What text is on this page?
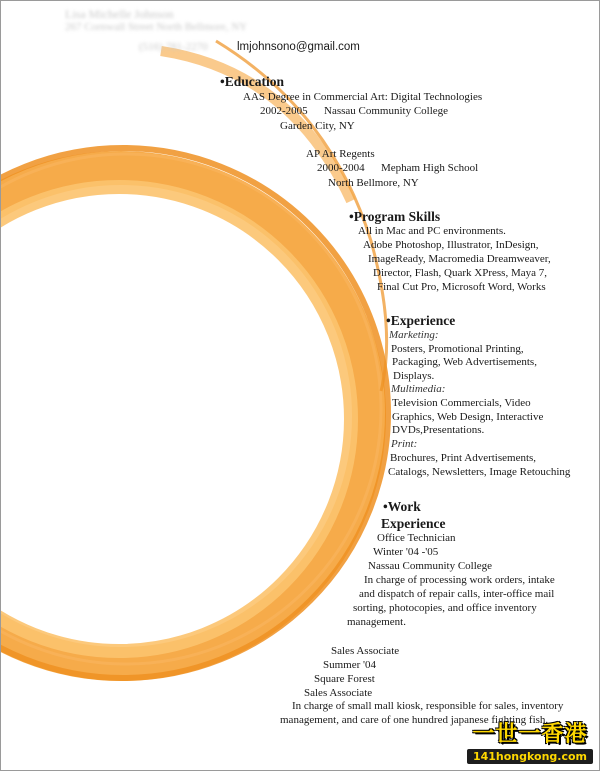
Lisa Michelle Johnson
267 Cornwall Street North Bellmore, NY
(516) 781-2270	lmjohnsono@gmail.com
•Education
AAS Degree in Commercial Art: Digital Technologies
2002-2005 Nassau Community College
Garden City, NY
AP Art Regents
2000-2004 Mepham High School
North Bellmore, NY
•Program Skills
All in Mac and PC environments.
Adobe Photoshop, Illustrator, InDesign,
ImageReady, Macromedia Dreamweaver,
Director, Flash, Quark XPress, Maya 7,
Final Cut Pro, Microsoft Word, Works
•Experience
Marketing:
Posters, Promotional Printing,
Packaging, Web Advertisements,
Displays.
Multimedia:
Television Commercials, Video
Graphics, Web Design, Interactive
DVDs,Presentations.
Print:
Brochures, Print Advertisements,
Catalogs, Newsletters, Image Retouching
•Work
Experience
Office Technician
Winter '04 -'05
Nassau Community College
In charge of processing work orders, intake
and dispatch of repair calls, inter-office mail
sorting, photocopies, and office inventory
management.
Sales Associate
Summer '04
Square Forest
Sales Associate
In charge of small mall kiosk, responsible for sales, inventory
management, and care of one hundred japanese fighting fish.
一世一香港
141hongkong.com
